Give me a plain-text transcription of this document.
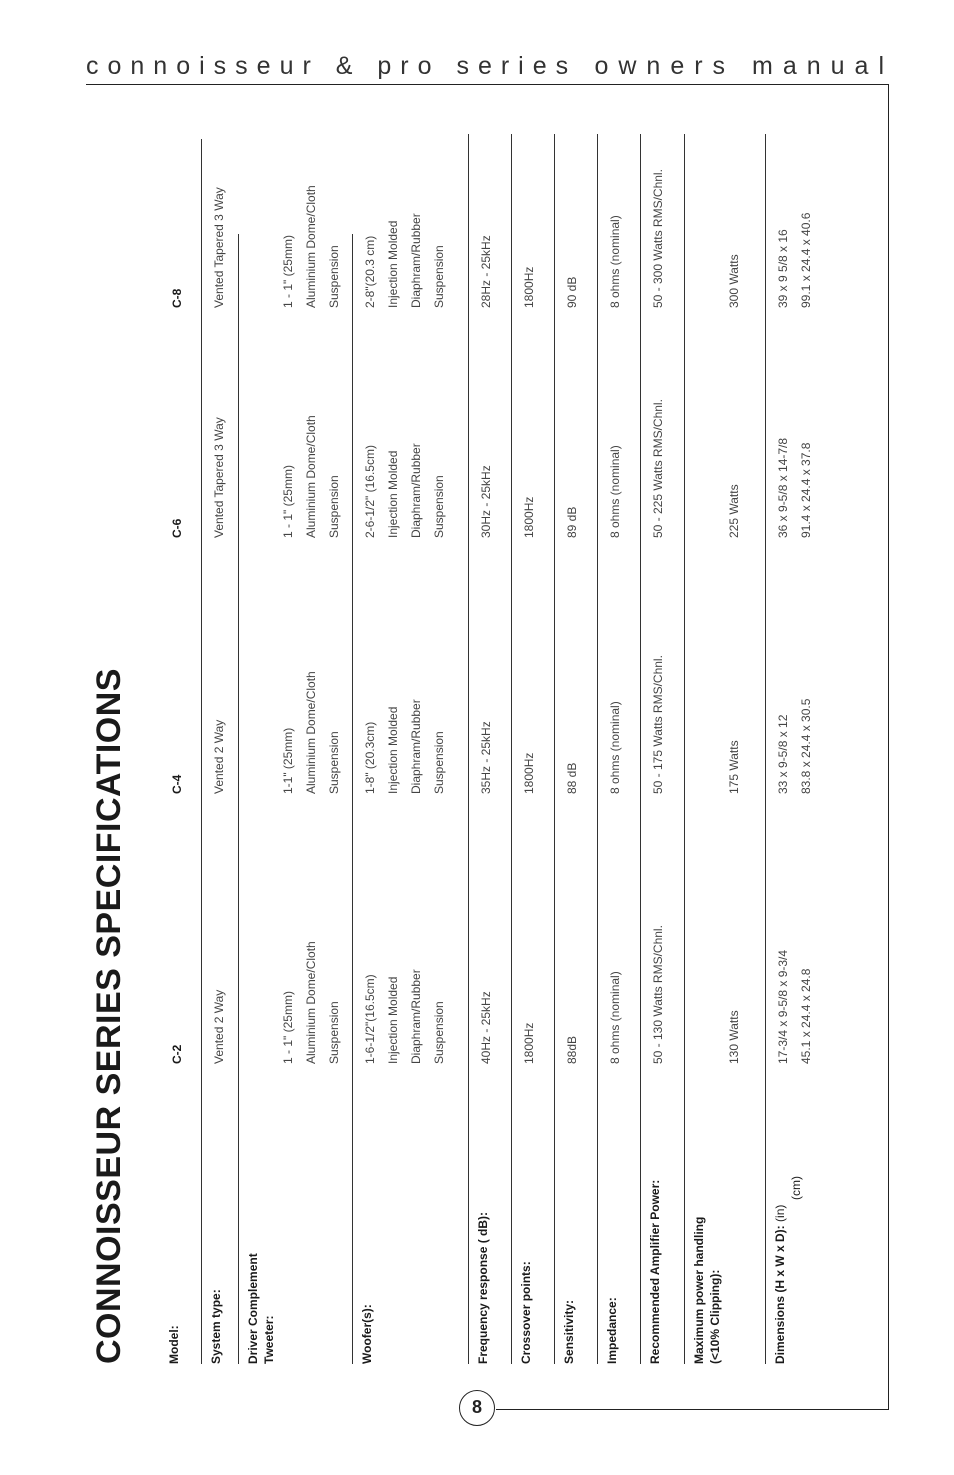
connoisseur & pro series owners manual
8
CONNOISSEUR SERIES SPECIFICATIONS	Model:
C-2
C-4
C-6
C-8
System type:
Vented 2 Way
Vented 2 Way
Vented Tapered 3 Way
Vented Tapered 3 Way
Driver Complement Tweeter:
1 - 1" (25mm) Aluminium Dome/Cloth Suspension
1-1" (25mm) Aluminium Dome/Cloth Suspension
1 - 1" (25mm) Aluminium Dome/Cloth Suspension
1 - 1" (25mm) Aluminium Dome/Cloth Suspension
Woofer(s):
1-6-1/2"(16.5cm) Injection Molded Diaphram/Rubber Suspension
1-8" (20.3cm) Injection Molded Diaphram/Rubber Suspension
2-6-1/2" (16.5cm) Injection Molded Diaphram/Rubber Suspension
2-8"(20.3 cm) Injection Molded Diaphram/Rubber Suspension
Frequency response ( dB):
40Hz - 25kHz
35Hz - 25kHz
30Hz - 25kHz
28Hz - 25kHz
Crossover points:
1800Hz
1800Hz
1800Hz
1800Hz
Sensitivity:
88dB
88 dB
89 dB
90 dB
Impedance:
8 ohms (nominal)
8 ohms (nominal)
8 ohms (nominal)
8 ohms (nominal)
Recommended Amplifier Power:
50 - 130 Watts RMS/Chnl.
50 - 175 Watts RMS/Chnl.
50 - 225 Watts RMS/Chnl.
50 - 300 Watts RMS/Chnl.
Maximum power handling (<10% Clipping):
130 Watts
175 Watts
225 Watts
300 Watts
Dimensions (H x W x D): (in)
(cm)
17-3/4 x 9-5/8 x 9-3/4 45.1 x 24.4 x 24.8
33 x 9-5/8 x 12 83.8 x 24.4 x 30.5
36 x 9-5/8 x 14-7/8 91.4 x 24.4 x 37.8
39 x 9 5/8 x 16 99.1 x 24.4 x 40.6
